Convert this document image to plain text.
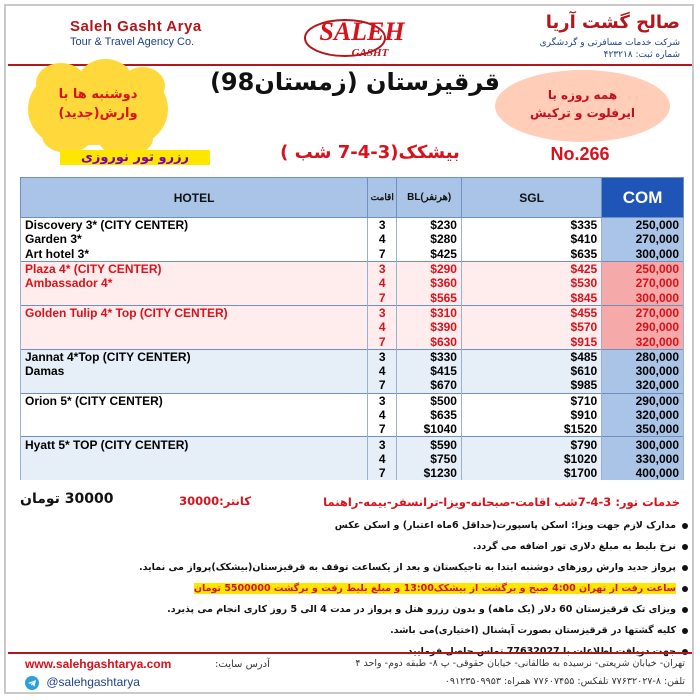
Saleh Gasht Arya
Tour & Travel Agency Co.	SALEH
GASHT
صالح گشت آریا
شرکت خدمات مسافرتی و گردشگری
شماره ثبت: ۴۲۳۲۱۸
دوشنبه ها با
وارش(جدید)
رزرو تور نوروزی
قرقیزستان (زمستان98)	همه روزه با
ایرفلوت و ترکیش
بیشکک(3-4-7 شب )	No.266
HOTEL	اقامت	BL(هرنفر)	SGL	COM
Discovery 3* (CITY CENTER)	3	$230	$335	250,000
Garden 3*	4	$280	$410	270,000
Art hotel 3*	7	$425	$635	300,000
Plaza 4* (CITY CENTER)	3	$290	$425	250,000
Ambassador 4*	4	$360	$530	270,000
	7	$565	$845	300,000
Golden Tulip 4* Top (CITY CENTER)	3	$310	$455	270,000
	4	$390	$570	290,000
	7	$630	$915	320,000
Jannat 4*Top (CITY CENTER)	3	$330	$485	280,000
Damas	4	$415	$610	300,000
	7	$670	$985	320,000
Orion 5* (CITY CENTER)	3	$500	$710	290,000
	4	$635	$910	320,000
	7	$1040	$1520	350,000
Hyatt 5* TOP (CITY CENTER)	3	$590	$790	300,000
	4	$750	$1020	330,000
	7	$1230	$1700	400,000
خدمات تور: 3-4-7شب اقامت-صبحانه-ویزا-ترانسفر-بیمه-راهنما
کانتر:30000
30000 تومان
مدارک لازم جهت ویزا: اسکن پاسپورت(حداقل 6ماه اعتبار) و اسکن عکس
نرخ بلیط به مبلغ دلاری تور اضافه می گردد.
پرواز جدید وارش روزهای دوشنبه ابتدا به تاجیکستان و بعد از یکساعت توقف به قرقیزستان(بیشکک)پرواز می نماید.
ساعت رفت از تهران 4:00 صبح و برگشت از بیشکک13:00 و مبلغ بلیط رفت و برگشت 5500000 تومان
ویزای تک قرقیزستان 60 دلار (یک ماهه) و بدون رزرو هتل و پرواز در مدت 4 الی 5 روز کاری انجام می پذیرد.
کلیه گشتها در قرقیزستان بصورت آپشنال (اختیاری)می باشد.
www.salehgashtarya.com	آدرس سایت:	تهران- خیابان شریعتی- نرسیده به طالقانی- خیابان حقوقی- پ ۸- طبقه دوم- واحد ۴
@salehgashtarya	تلفن: ۸-۷۷۶۳۲۰۲۷ تلفکس: ۷۷۶۰۷۴۵۵ همراه: ۰۹۱۲۳۵۰۹۹۵۳
